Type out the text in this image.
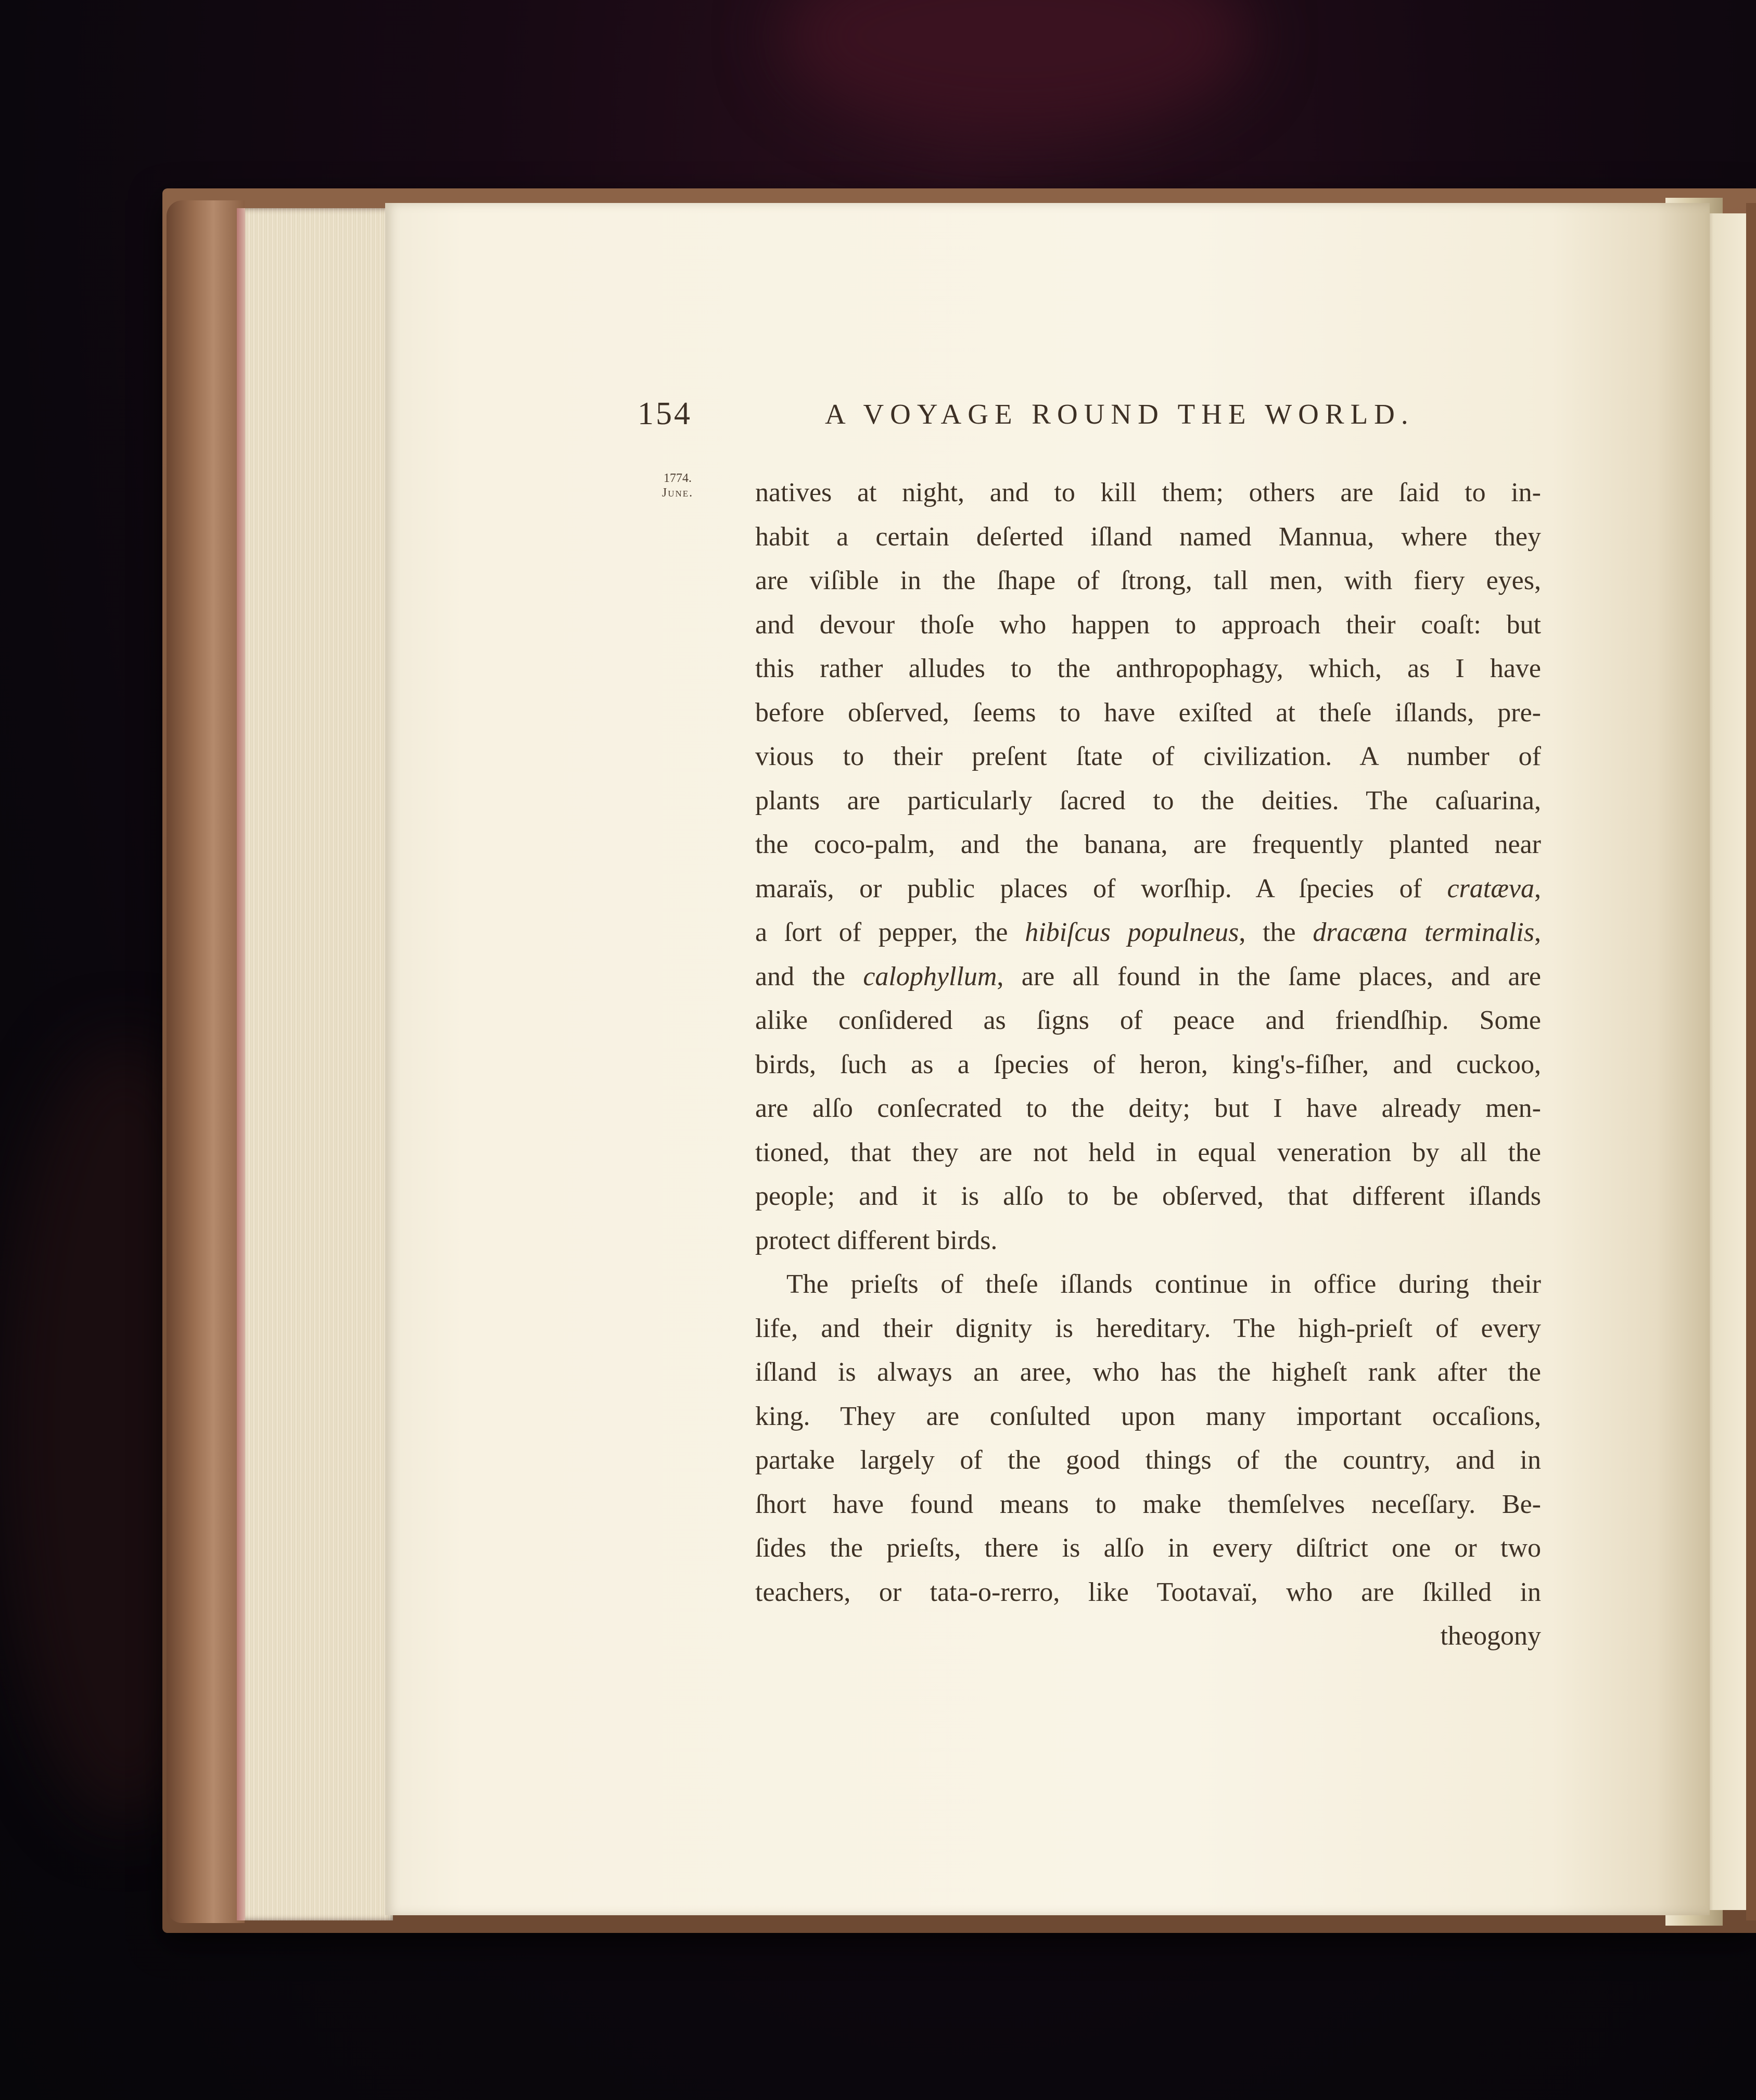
154	A VOYAGE ROUND THE WORLD.
1774.
June. natives at night, and to kill them; others are ſaid to in-
habit a certain deſerted iſland named Mannua, where they
are viſible in the ſhape of ſtrong, tall men, with fiery eyes,
and devour thoſe who happen to approach their coaſt: but
this rather alludes to the anthropophagy, which, as I have
before obſerved, ſeems to have exiſted at theſe iſlands, pre-
vious to their preſent ſtate of civilization. A number of
plants are particularly ſacred to the deities. The caſuarina,
the coco-palm, and the banana, are frequently planted near
maraïs, or public places of worſhip. A ſpecies of cratæva,
a ſort of pepper, the hibiſcus populneus, the dracæna terminalis,
and the calophyllum, are all found in the ſame places, and are
alike conſidered as ſigns of peace and friendſhip. Some
birds, ſuch as a ſpecies of heron, king's-fiſher, and cuckoo,
are alſo conſecrated to the deity; but I have already men-
tioned, that they are not held in equal veneration by all the
people; and it is alſo to be obſerved, that different iſlands
protect different birds.
The prieſts of theſe iſlands continue in office during their
life, and their dignity is hereditary. The high-prieſt of every
iſland is always an aree, who has the higheſt rank after the
king. They are conſulted upon many important occaſions,
partake largely of the good things of the country, and in
ſhort have found means to make themſelves neceſſary. Be-
ſides the prieſts, there is alſo in every diſtrict one or two
teachers, or tata-o-rerro, like Tootavaï, who are ſkilled in
theogony
